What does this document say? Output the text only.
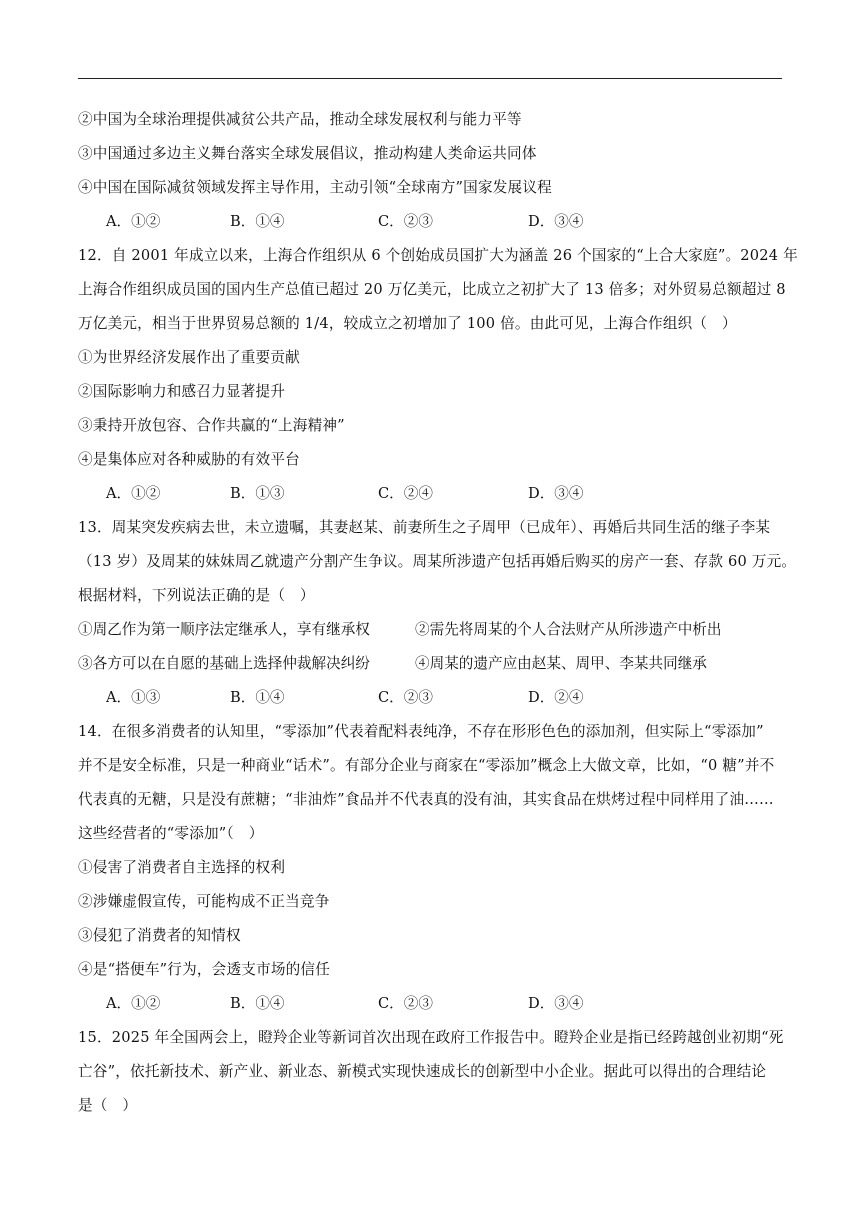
②中国为全球治理提供减贫公共产品，推动全球发展权利与能力平等
③中国通过多边主义舞台落实全球发展倡议，推动构建人类命运共同体
④中国在国际减贫领域发挥主导作用，主动引领“全球南方”国家发展议程
A．①②	B．①④	C．②③	D．③④
12．自 2001 年成立以来，上海合作组织从 6 个创始成员国扩大为涵盖 26 个国家的“上合大家庭”。2024 年
上海合作组织成员国的国内生产总值已超过 20 万亿美元，比成立之初扩大了 13 倍多；对外贸易总额超过 8
万亿美元，相当于世界贸易总额的 1/4，较成立之初增加了 100 倍。由此可见，上海合作组织（　）
①为世界经济发展作出了重要贡献
②国际影响力和感召力显著提升
③秉持开放包容、合作共赢的“上海精神”
④是集体应对各种威胁的有效平台
A．①②	B．①③	C．②④	D．③④
13．周某突发疾病去世，未立遗嘱，其妻赵某、前妻所生之子周甲（已成年）、再婚后共同生活的继子李某
（13 岁）及周某的妹妹周乙就遗产分割产生争议。周某所涉遗产包括再婚后购买的房产一套、存款 60 万元。
根据材料，下列说法正确的是（　）
①周乙作为第一顺序法定继承人，享有继承权	②需先将周某的个人合法财产从所涉遗产中析出
③各方可以在自愿的基础上选择仲裁解决纠纷	④周某的遗产应由赵某、周甲、李某共同继承
A．①③	B．①④	C．②③	D．②④
14．在很多消费者的认知里，“零添加”代表着配料表纯净，不存在形形色色的添加剂，但实际上“零添加”
并不是安全标准，只是一种商业“话术”。有部分企业与商家在“零添加”概念上大做文章，比如，“0 糖”并不
代表真的无糖，只是没有蔗糖；“非油炸”食品并不代表真的没有油，其实食品在烘烤过程中同样用了油……
这些经营者的“零添加”（　）
①侵害了消费者自主选择的权利
②涉嫌虚假宣传，可能构成不正当竞争
③侵犯了消费者的知情权
④是“搭便车”行为，会透支市场的信任
A．①②	B．①④	C．②③	D．③④
15．2025 年全国两会上，瞪羚企业等新词首次出现在政府工作报告中。瞪羚企业是指已经跨越创业初期“死
亡谷”，依托新技术、新产业、新业态、新模式实现快速成长的创新型中小企业。据此可以得出的合理结论
是（　）
